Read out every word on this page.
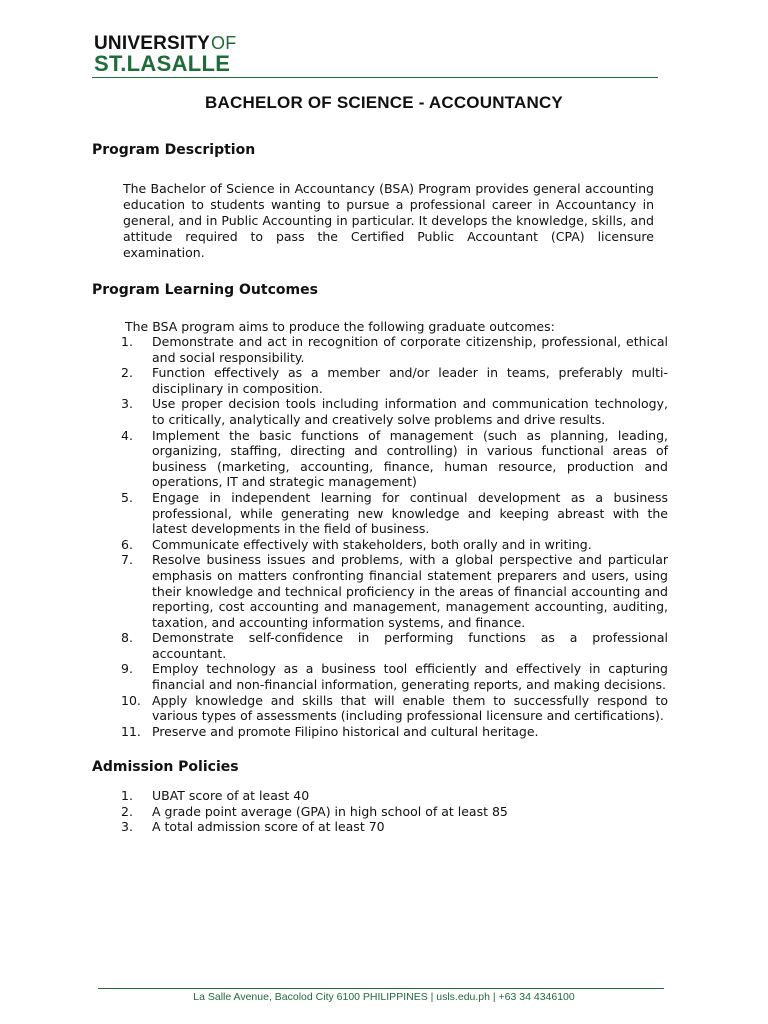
UNIVERSITYOF
ST.LASALLE
BACHELOR OF SCIENCE - ACCOUNTANCY
Program Description
The Bachelor of Science in Accountancy (BSA) Program provides general accounting education to students wanting to pursue a professional career in Accountancy in general, and in Public Accounting in particular. It develops the knowledge, skills, and attitude required to pass the Certified Public Accountant (CPA) licensure examination.
Program Learning Outcomes
The BSA program aims to produce the following graduate outcomes:
1. Demonstrate and act in recognition of corporate citizenship, professional, ethical and social responsibility.
2. Function effectively as a member and/or leader in teams, preferably multi-disciplinary in composition.
3. Use proper decision tools including information and communication technology, to critically, analytically and creatively solve problems and drive results.
4. Implement the basic functions of management (such as planning, leading, organizing, staffing, directing and controlling) in various functional areas of business (marketing, accounting, finance, human resource, production and operations, IT and strategic management)
5. Engage in independent learning for continual development as a business professional, while generating new knowledge and keeping abreast with the latest developments in the field of business.
6. Communicate effectively with stakeholders, both orally and in writing.
7. Resolve business issues and problems, with a global perspective and particular emphasis on matters confronting financial statement preparers and users, using their knowledge and technical proficiency in the areas of financial accounting and reporting, cost accounting and management, management accounting, auditing, taxation, and accounting information systems, and finance.
8. Demonstrate self-confidence in performing functions as a professional accountant.
9. Employ technology as a business tool efficiently and effectively in capturing financial and non-financial information, generating reports, and making decisions.
10. Apply knowledge and skills that will enable them to successfully respond to various types of assessments (including professional licensure and certifications).
11. Preserve and promote Filipino historical and cultural heritage.
Admission Policies
1. UBAT score of at least 40
2. A grade point average (GPA) in high school of at least 85
3. A total admission score of at least 70
La Salle Avenue, Bacolod City 6100 PHILIPPINES | usls.edu.ph | +63 34 4346100
